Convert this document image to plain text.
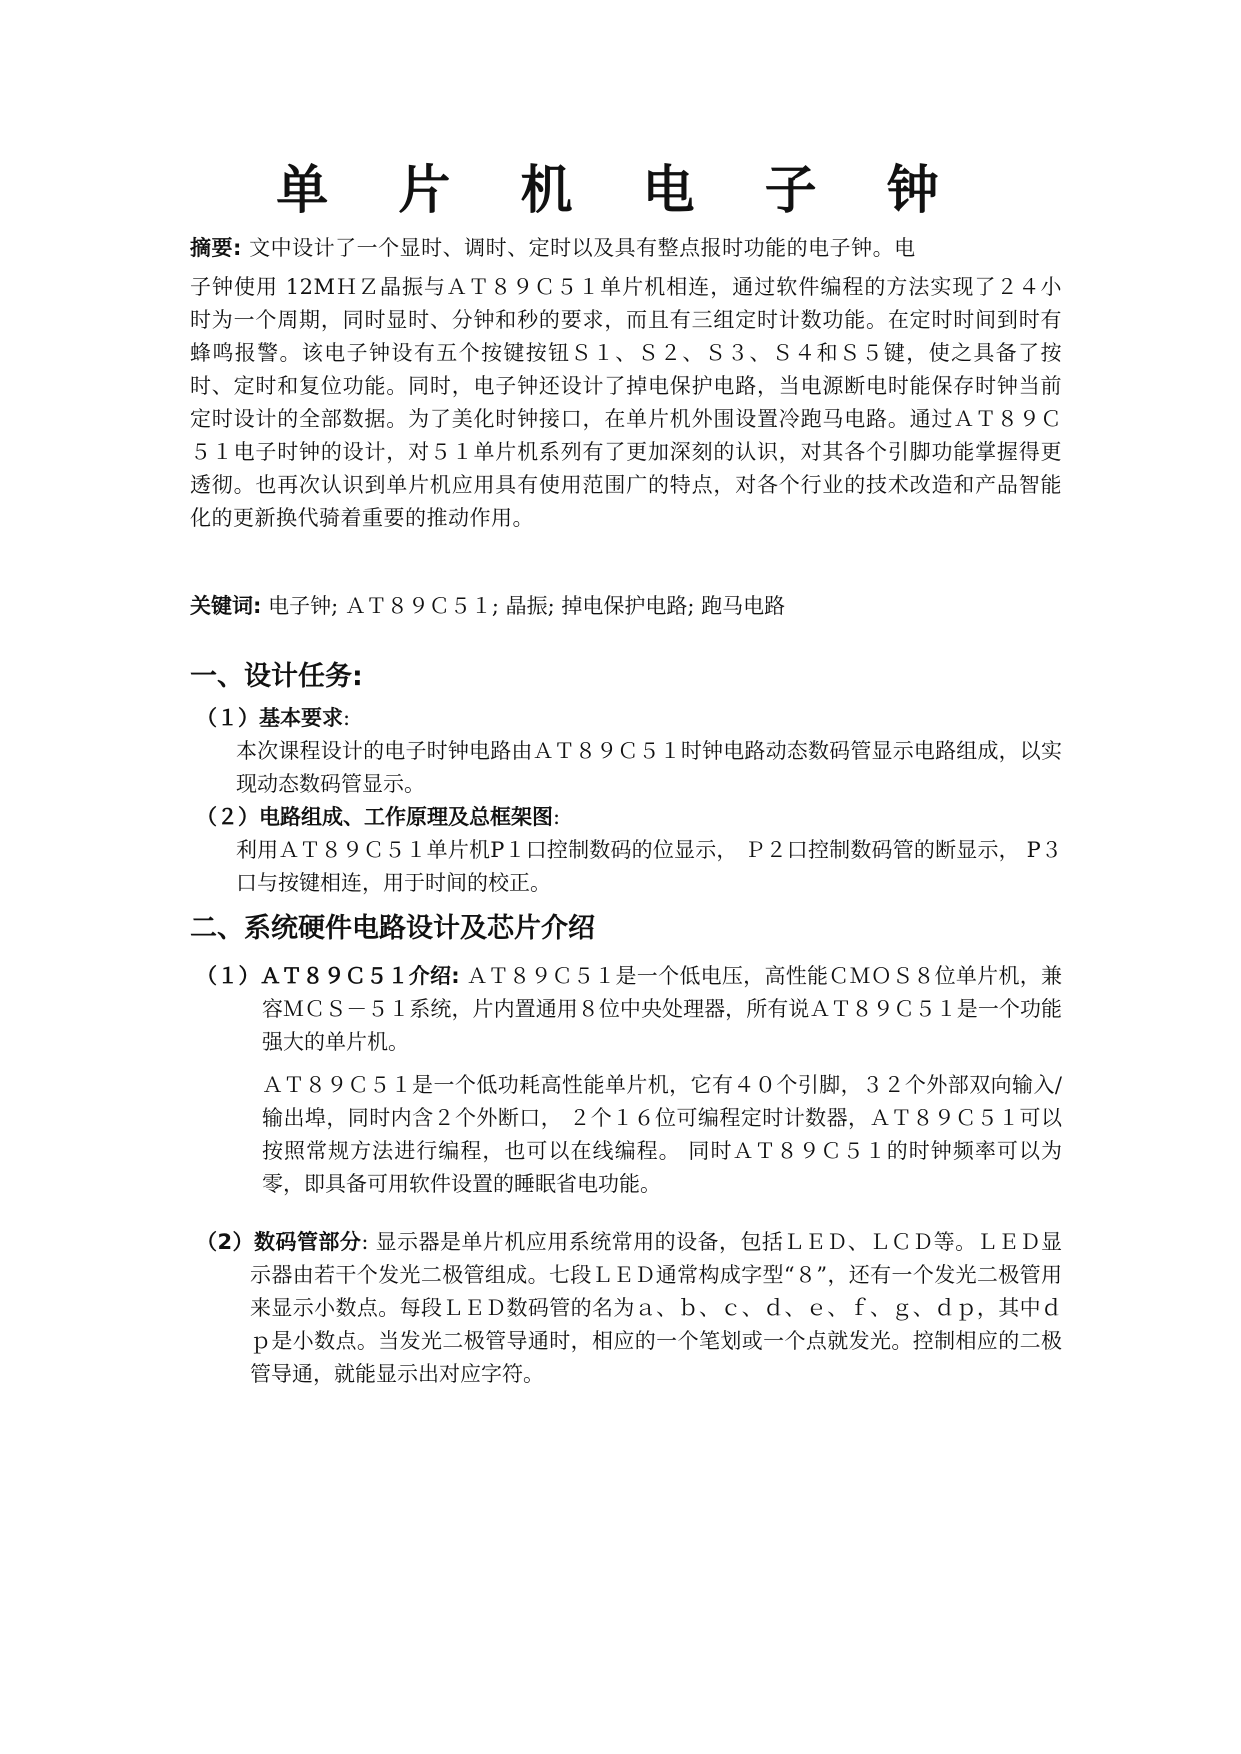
单 片 机 电 子 钟
摘要: 文中设计了一个显时、调时、定时以及具有整点报时功能的电子钟。电
子钟使用 12MＨＺ晶振与ＡＴ８９Ｃ５１单片机相连，通过软件编程的方法实现了２４小时为一个周期，同时显时、分钟和秒的要求，而且有三组定时计数功能。在定时时间到时有蜂鸣报警。该电子钟设有五个按键按钮Ｓ１、Ｓ２、Ｓ３、Ｓ４和Ｓ５键，使之具备了按时、定时和复位功能。同时，电子钟还设计了掉电保护电路，当电源断电时能保存时钟当前定时设计的全部数据。为了美化时钟接口，在单片机外围设置冷跑马电路。通过ＡＴ８９Ｃ５１电子时钟的设计，对５１单片机系列有了更加深刻的认识，对其各个引脚功能掌握得更透彻。也再次认识到单片机应用具有使用范围广的特点，对各个行业的技术改造和产品智能化的更新换代骑着重要的推动作用。
关键词: 电子钟; ＡＴ８９Ｃ５１; 晶振; 掉电保护电路; 跑马电路
一、设计任务:
（１）基本要求:
本次课程设计的电子时钟电路由ＡＴ８９Ｃ５１时钟电路动态数码管显示电路组成，以实现动态数码管显示。
（２）电路组成、工作原理及总框架图:
利用ＡＴ８９Ｃ５１单片机P１口控制数码的位显示， Ｐ２口控制数码管的断显示， P３口与按键相连，用于时间的校正。
二、系统硬件电路设计及芯片介绍
（１）ＡＴ８９Ｃ５１介绍: ＡＴ８９Ｃ５１是一个低电压，高性能ＣＭＯＳ８位单片机，兼容ＭＣＳ－５１系统，片内置通用８位中央处理器，所有说ＡＴ８９Ｃ５１是一个功能强大的单片机。
ＡＴ８９Ｃ５１是一个低功耗高性能单片机，它有４０个引脚，３２个外部双向输入/输出埠，同时内含２个外断口， ２个１６位可编程定时计数器，ＡＴ８９Ｃ５１可以按照常规方法进行编程，也可以在线编程。 同时ＡＴ８９Ｃ５１的时钟频率可以为零，即具备可用软件设置的睡眠省电功能。
（2）数码管部分: 显示器是单片机应用系统常用的设备，包括ＬＥＤ、ＬＣＤ等。ＬＥＤ显示器由若干个发光二极管组成。七段ＬＥＤ通常构成字型“８”，还有一个发光二极管用来显示小数点。每段ＬＥＤ数码管的名为ａ、ｂ、ｃ、ｄ、ｅ、ｆ、ｇ、ｄｐ，其中ｄｐ是小数点。当发光二极管导通时，相应的一个笔划或一个点就发光。控制相应的二极管导通，就能显示出对应字符。
